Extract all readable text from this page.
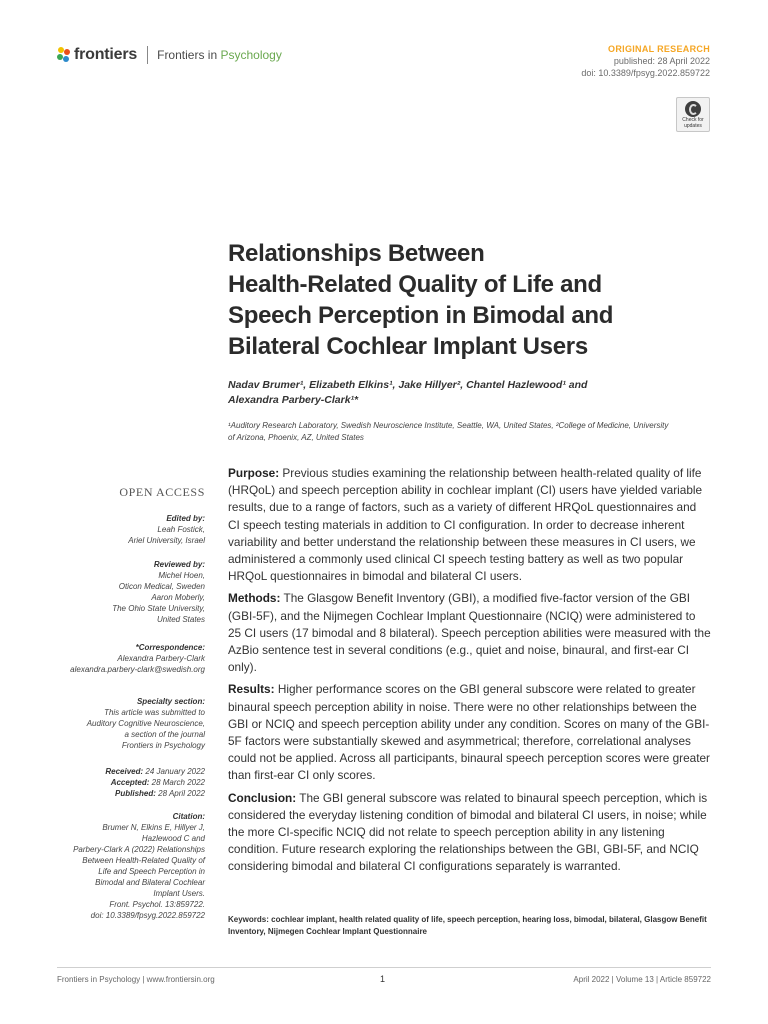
frontiers Frontiers in Psychology	ORIGINAL RESEARCH
published: 28 April 2022
doi: 10.3389/fpsyg.2022.859722
Check for
updates
Relationships Between
Health-Related Quality of Life and
Speech Perception in Bimodal and
Bilateral Cochlear Implant Users
Nadav Brumer¹, Elizabeth Elkins¹, Jake Hillyer², Chantel Hazlewood¹ and
Alexandra Parbery-Clark¹*
¹Auditory Research Laboratory, Swedish Neuroscience Institute, Seattle, WA, United States, ²College of Medicine, University
of Arizona, Phoenix, AZ, United States
OPEN ACCESS
Edited by:
Leah Fostick,
Ariel University, Israel
Reviewed by:
Michel Hoen,
Oticon Medical, Sweden
Aaron Moberly,
The Ohio State University,
United States
*Correspondence:
Alexandra Parbery-Clark
alexandra.parbery-clark@swedish.org
Specialty section:
This article was submitted to
Auditory Cognitive Neuroscience,
a section of the journal
Frontiers in Psychology
Received: 24 January 2022
Accepted: 28 March 2022
Published: 28 April 2022
Citation:
Brumer N, Elkins E, Hillyer J,
Hazlewood C and
Parbery-Clark A (2022) Relationships
Between Health-Related Quality of
Life and Speech Perception in
Bimodal and Bilateral Cochlear
Implant Users.
Front. Psychol. 13:859722.
doi: 10.3389/fpsyg.2022.859722

Purpose: Previous studies examining the relationship between health-related quality of life (HRQoL) and speech perception ability in cochlear implant (CI) users have yielded variable results, due to a range of factors, such as a variety of different HRQoL questionnaires and CI speech testing materials in addition to CI configuration. In order to decrease inherent variability and better understand the relationship between these measures in CI users, we administered a commonly used clinical CI speech testing battery as well as two popular HRQoL questionnaires in bimodal and bilateral CI users.

Methods: The Glasgow Benefit Inventory (GBI), a modified five-factor version of the GBI (GBI-5F), and the Nijmegen Cochlear Implant Questionnaire (NCIQ) were administered to 25 CI users (17 bimodal and 8 bilateral). Speech perception abilities were measured with the AzBio sentence test in several conditions (e.g., quiet and noise, binaural, and first-ear CI only).

Results: Higher performance scores on the GBI general subscore were related to greater binaural speech perception ability in noise. There were no other relationships between the GBI or NCIQ and speech perception ability under any condition. Scores on many of the GBI-5F factors were substantially skewed and asymmetrical; therefore, correlational analyses could not be applied. Across all participants, binaural speech perception scores were greater than first-ear CI only scores.

Conclusion: The GBI general subscore was related to binaural speech perception, which is considered the everyday listening condition of bimodal and bilateral CI users, in noise; while the more CI-specific NCIQ did not relate to speech perception ability in any listening condition. Future research exploring the relationships between the GBI, GBI-5F, and NCIQ considering bimodal and bilateral CI configurations separately is warranted.

Keywords: cochlear implant, health related quality of life, speech perception, hearing loss, bimodal, bilateral, Glasgow Benefit Inventory, Nijmegen Cochlear Implant Questionnaire
Frontiers in Psychology | www.frontiersin.org	1	April 2022 | Volume 13 | Article 859722
